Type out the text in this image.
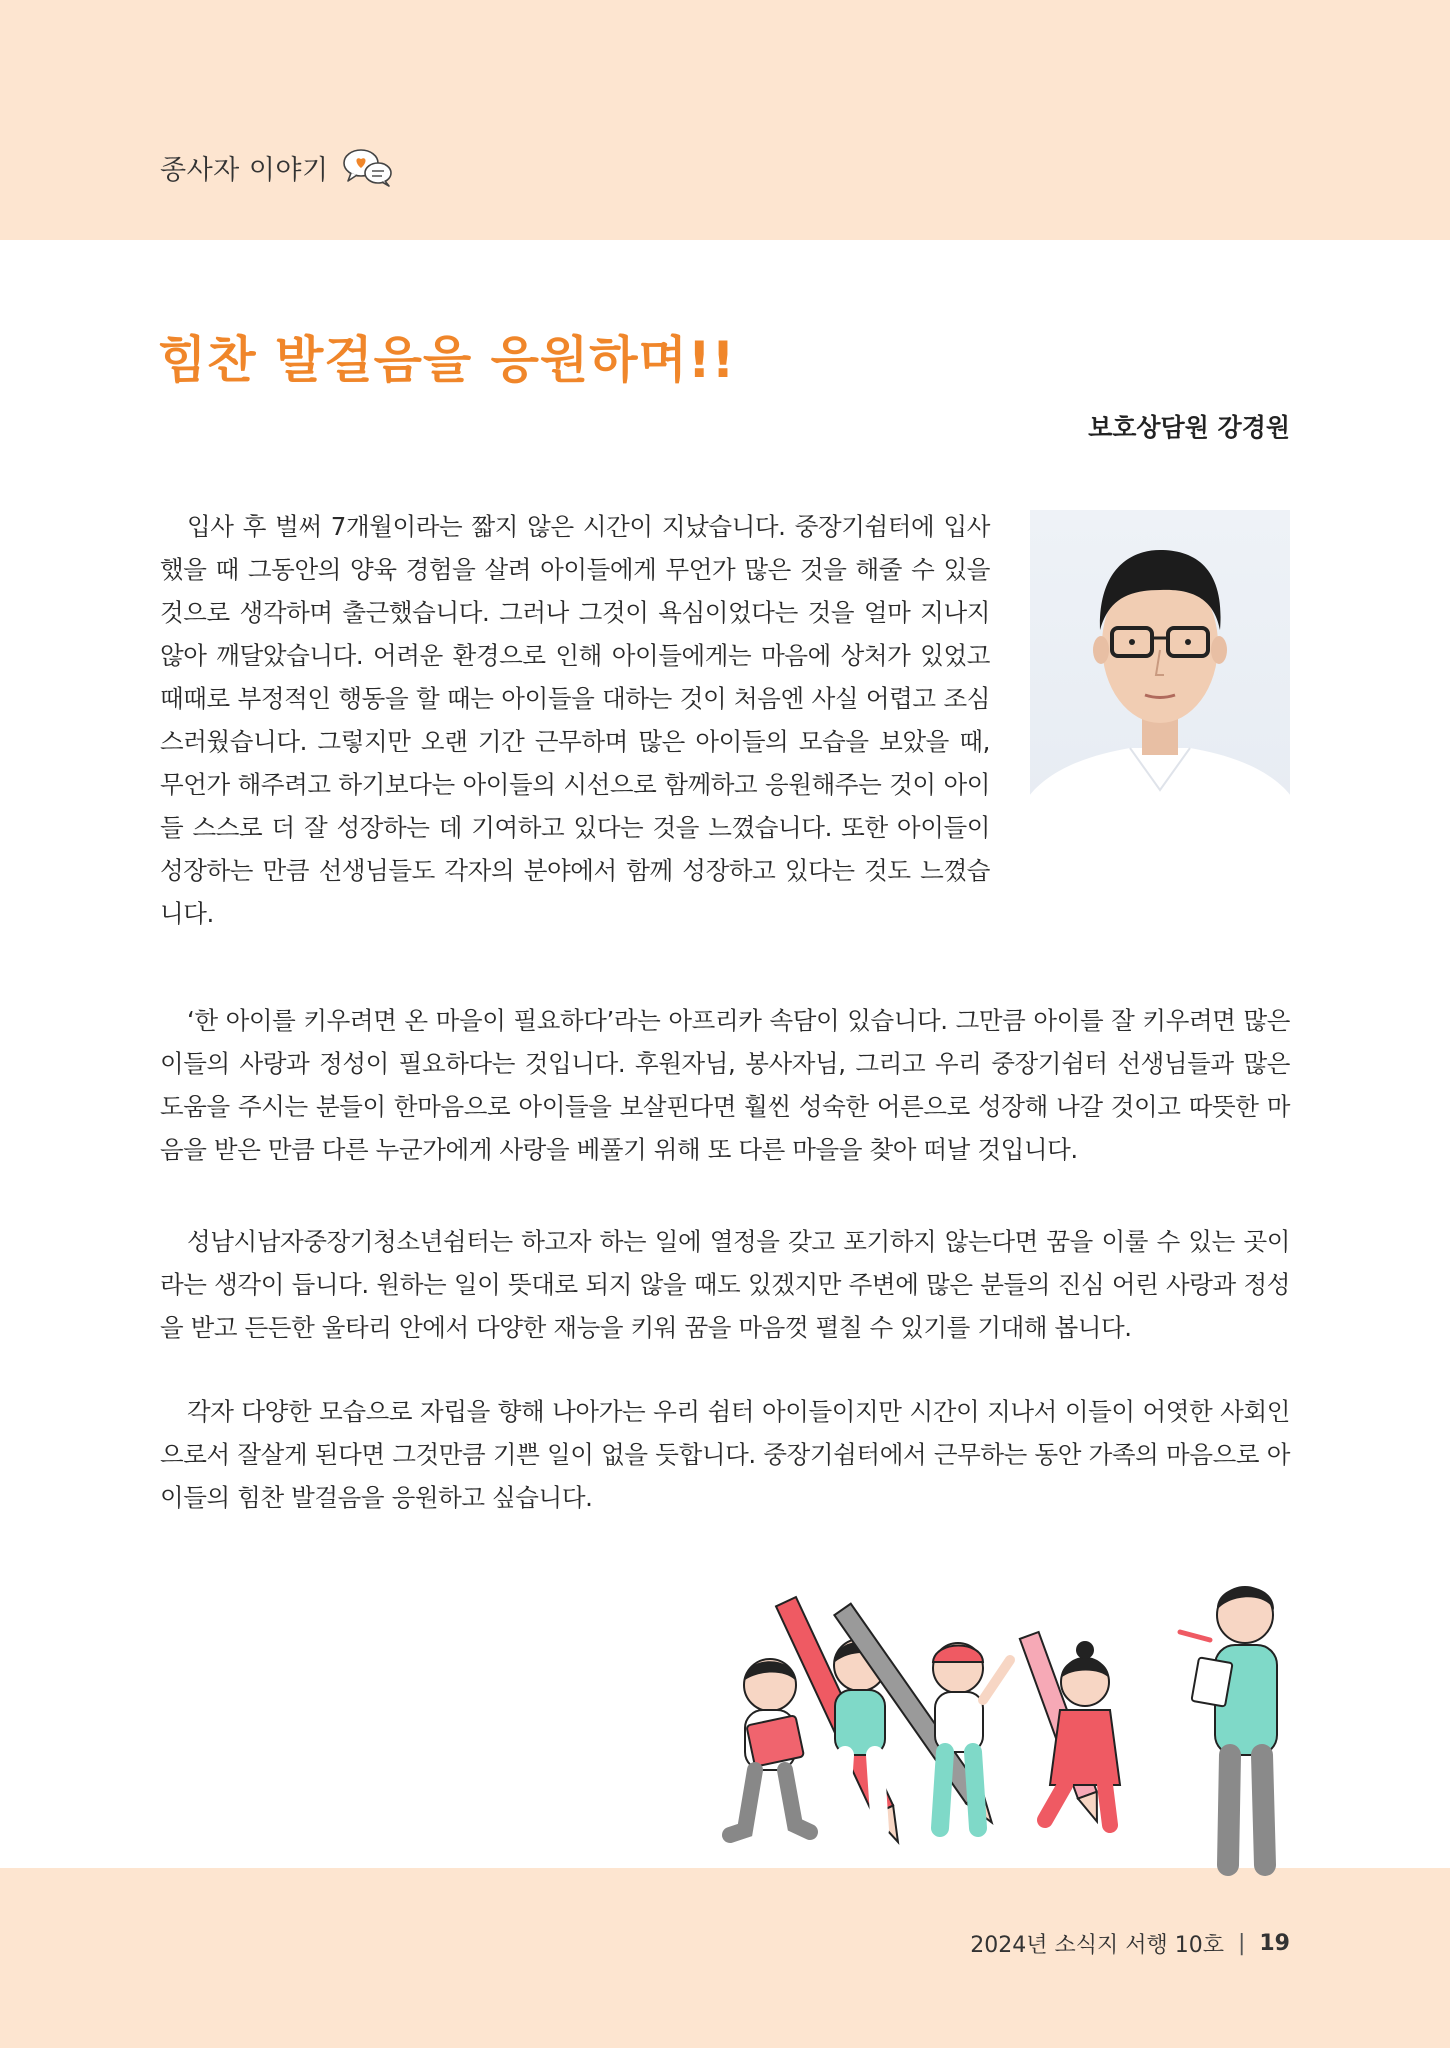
종사자 이야기
힘찬 발걸음을 응원하며!!
보호상담원 강경원

입사 후 벌써 7개월이라는 짧지 않은 시간이 지났습니다. 중장기쉼터에 입사했을 때 그동안의 양육 경험을 살려 아이들에게 무언가 많은 것을 해줄 수 있을 것으로 생각하며 출근했습니다. 그러나 그것이 욕심이었다는 것을 얼마 지나지 않아 깨달았습니다. 어려운 환경으로 인해 아이들에게는 마음에 상처가 있었고 때때로 부정적인 행동을 할 때는 아이들을 대하는 것이 처음엔 사실 어렵고 조심스러웠습니다. 그렇지만 오랜 기간 근무하며 많은 아이들의 모습을 보았을 때, 무언가 해주려고 하기보다는 아이들의 시선으로 함께하고 응원해주는 것이 아이들 스스로 더 잘 성장하는 데 기여하고 있다는 것을 느꼈습니다. 또한 아이들이 성장하는 만큼 선생님들도 각자의 분야에서 함께 성장하고 있다는 것도 느꼈습니다.

‘한 아이를 키우려면 온 마을이 필요하다’라는 아프리카 속담이 있습니다. 그만큼 아이를 잘 키우려면 많은 이들의 사랑과 정성이 필요하다는 것입니다. 후원자님, 봉사자님, 그리고 우리 중장기쉼터 선생님들과 많은 도움을 주시는 분들이 한마음으로 아이들을 보살핀다면 훨씬 성숙한 어른으로 성장해 나갈 것이고 따뜻한 마음을 받은 만큼 다른 누군가에게 사랑을 베풀기 위해 또 다른 마을을 찾아 떠날 것입니다.

성남시남자중장기청소년쉼터는 하고자 하는 일에 열정을 갖고 포기하지 않는다면 꿈을 이룰 수 있는 곳이라는 생각이 듭니다. 원하는 일이 뜻대로 되지 않을 때도 있겠지만 주변에 많은 분들의 진심 어린 사랑과 정성을 받고 든든한 울타리 안에서 다양한 재능을 키워 꿈을 마음껏 펼칠 수 있기를 기대해 봅니다.

각자 다양한 모습으로 자립을 향해 나아가는 우리 쉼터 아이들이지만 시간이 지나서 이들이 어엿한 사회인으로서 잘살게 된다면 그것만큼 기쁜 일이 없을 듯합니다. 중장기쉼터에서 근무하는 동안 가족의 마음으로 아이들의 힘찬 발걸음을 응원하고 싶습니다.

2024년 소식지 서행 10호 | 19
